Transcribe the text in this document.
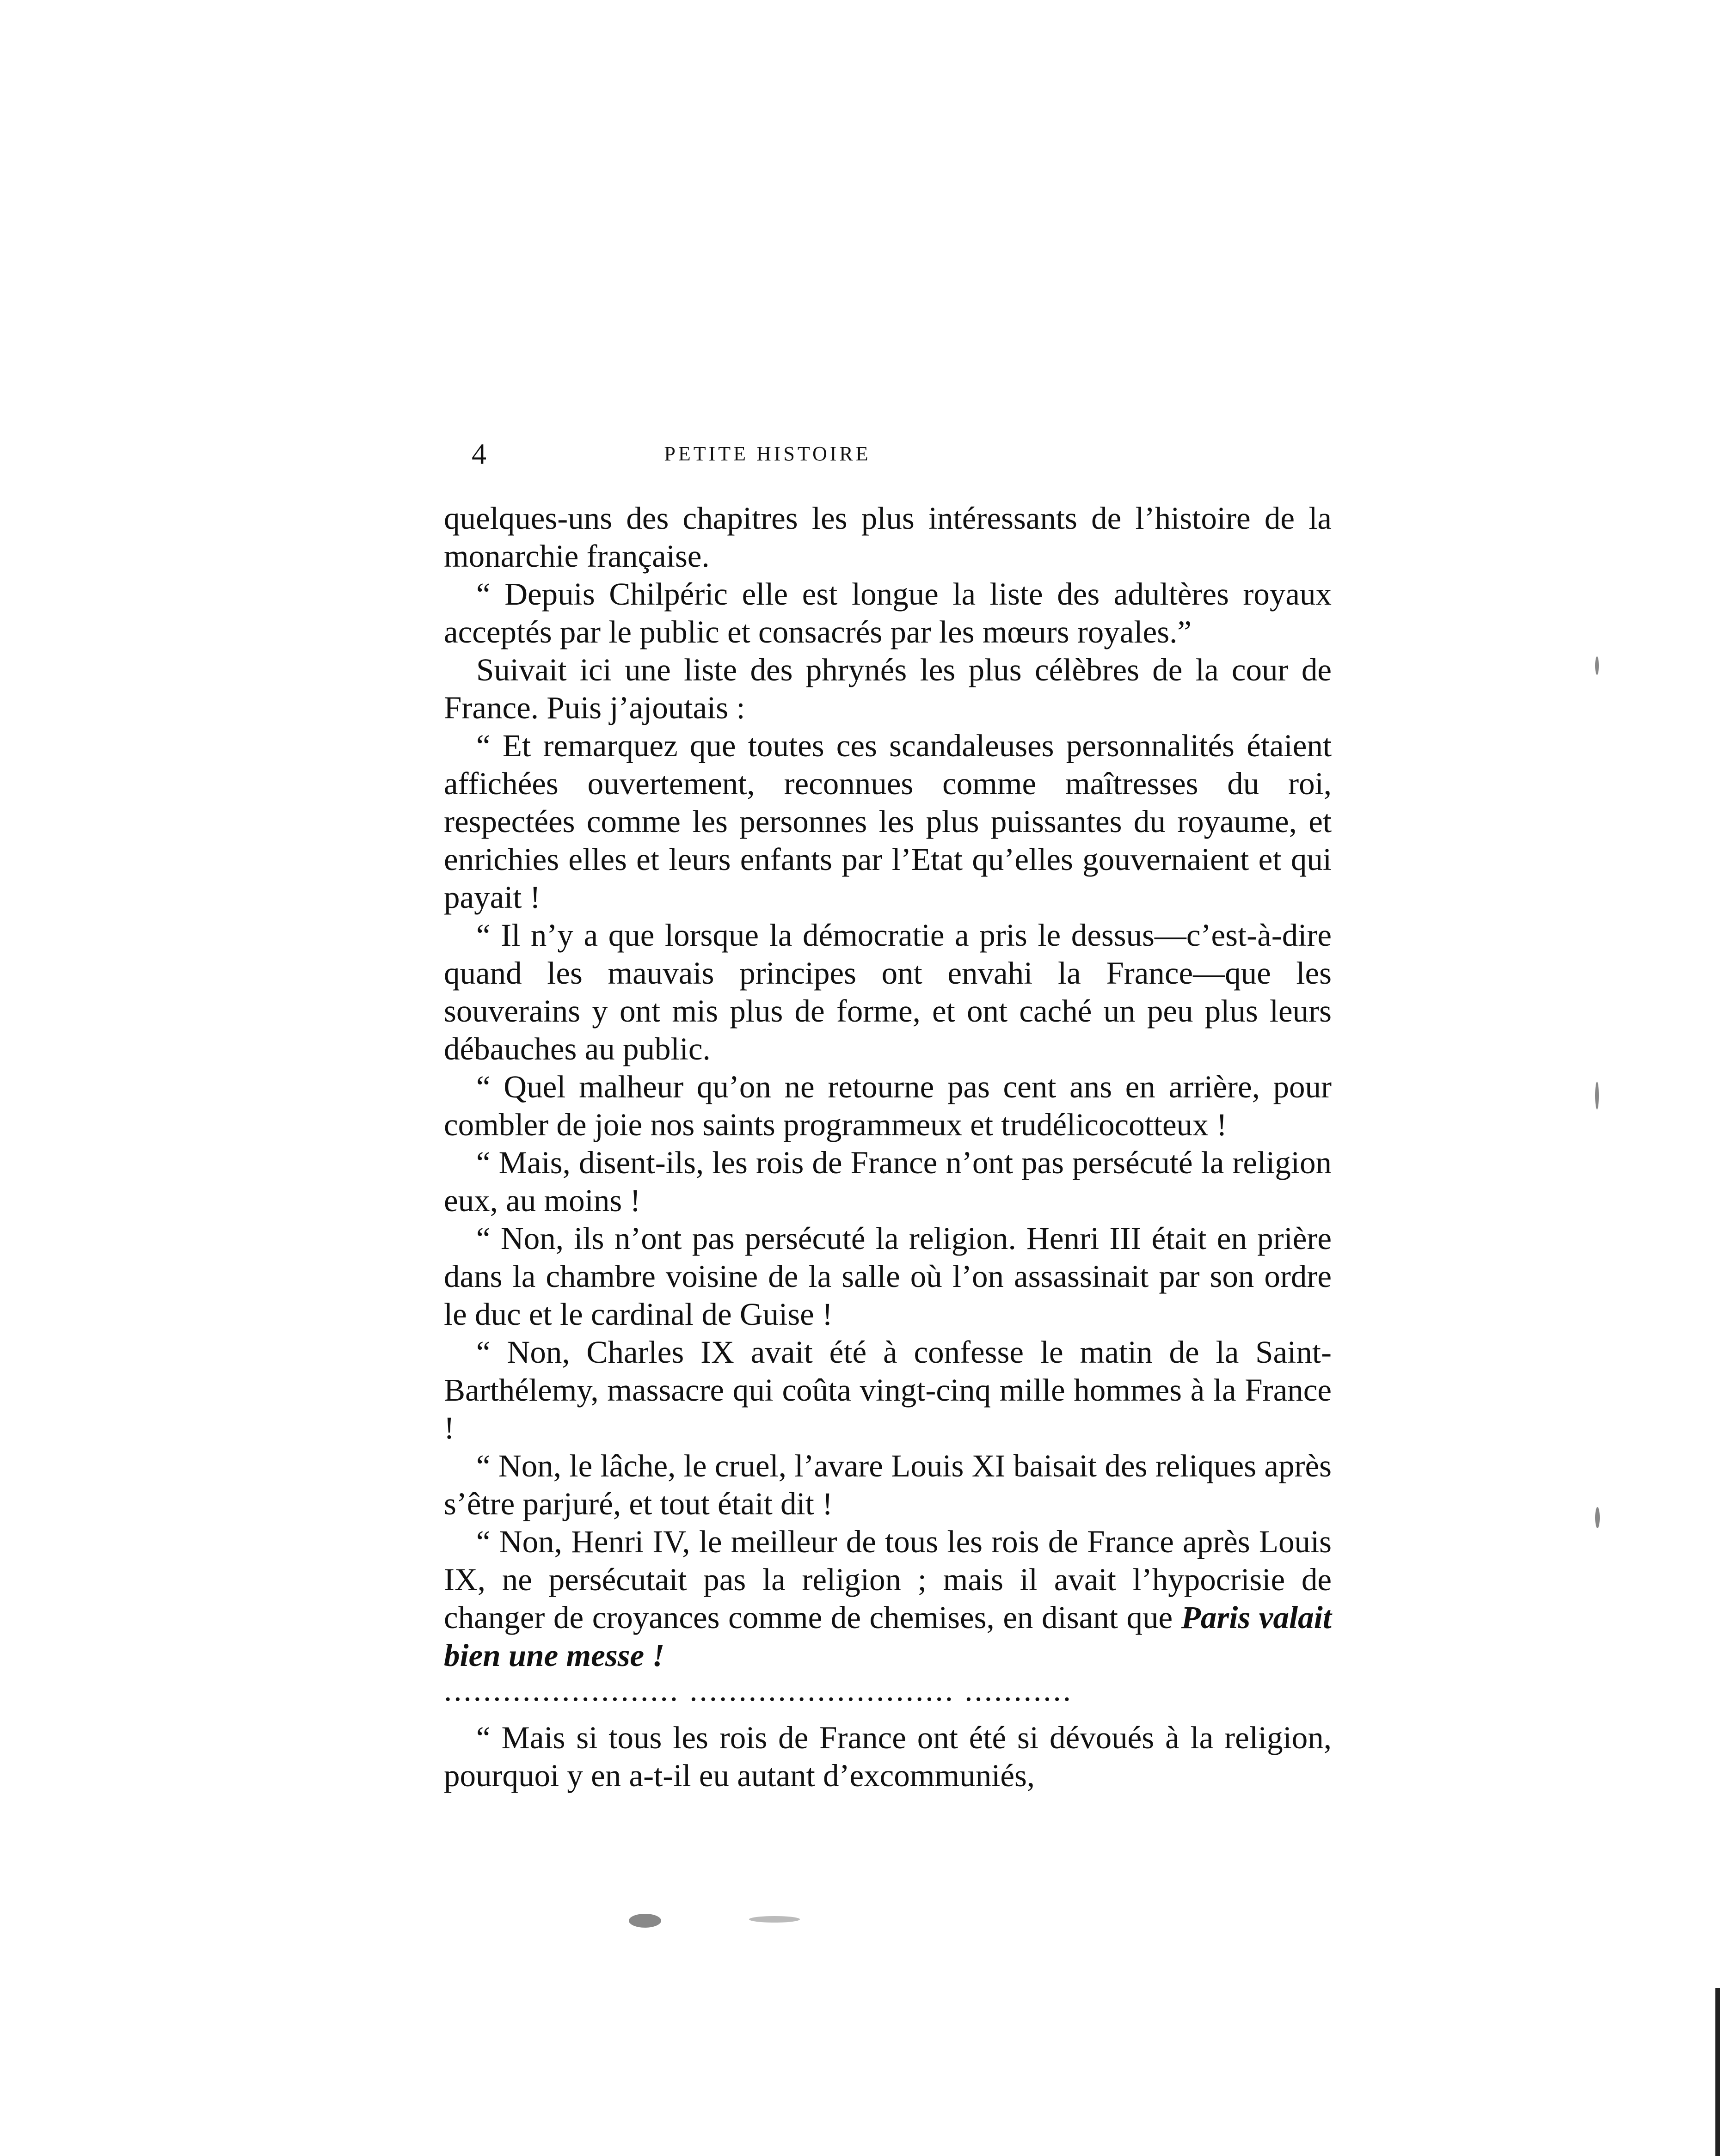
4	PETITE HISTOIRE

quelques-uns des chapitres les plus intéressants de l’histoire de la monarchie française.

“ Depuis Chilpéric elle est longue la liste des adultères royaux acceptés par le public et consacrés par les mœurs royales.”

Suivait ici une liste des phrynés les plus célèbres de la cour de France. Puis j’ajoutais :

“ Et remarquez que toutes ces scandaleuses personnalités étaient affichées ouvertement, reconnues comme maîtresses du roi, respectées comme les personnes les plus puissantes du royaume, et enrichies elles et leurs enfants par l’Etat qu’elles gouvernaient et qui payait !

“ Il n’y a que lorsque la démocratie a pris le dessus—c’est-à-dire quand les mauvais principes ont envahi la France—que les souverains y ont mis plus de forme, et ont caché un peu plus leurs débauches au public.

“ Quel malheur qu’on ne retourne pas cent ans en arrière, pour combler de joie nos saints programmeux et trudélicocotteux !

“ Mais, disent-ils, les rois de France n’ont pas persécuté la religion eux, au moins !

“ Non, ils n’ont pas persécuté la religion. Henri III était en prière dans la chambre voisine de la salle où l’on assassinait par son ordre le duc et le cardinal de Guise !

“ Non, Charles IX avait été à confesse le matin de la Saint-Barthélemy, massacre qui coûta vingt-cinq mille hommes à la France !

“ Non, le lâche, le cruel, l’avare Louis XI baisait des reliques après s’être parjuré, et tout était dit !

“ Non, Henri IV, le meilleur de tous les rois de France après Louis IX, ne persécutait pas la religion ; mais il avait l’hypocrisie de changer de croyances comme de chemises, en disant que Paris valait bien une messe !

........................ ........................... ...........

“ Mais si tous les rois de France ont été si dévoués à la religion, pourquoi y en a-t-il eu autant d’excommuniés,
